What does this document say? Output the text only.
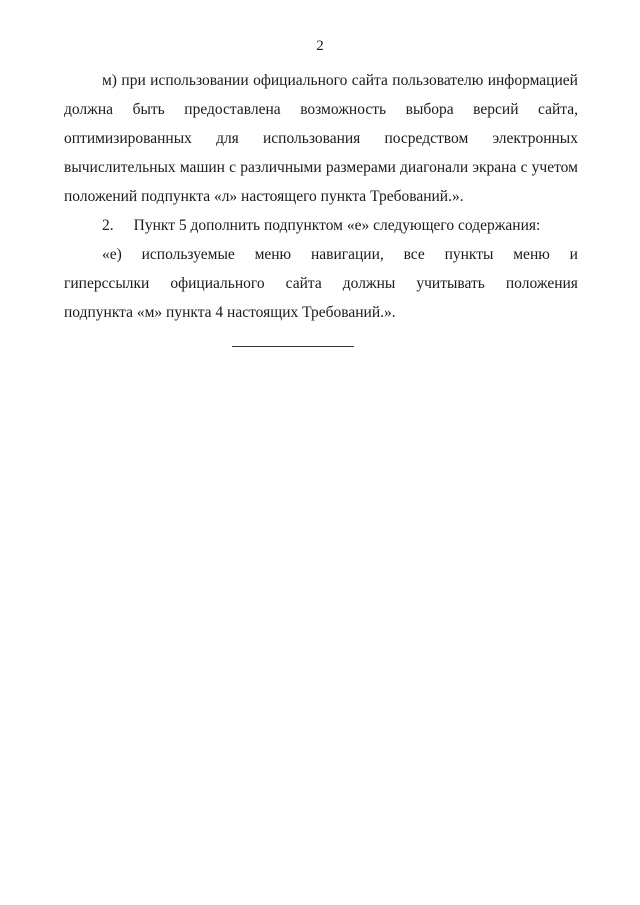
2
м) при использовании официального сайта пользователю информацией
должна быть предоставлена возможность выбора версий сайта,
оптимизированных для использования посредством электронных
вычислительных машин с различными размерами диагонали экрана с учетом
положений подпункта «л» настоящего пункта Требований.».
2. Пункт 5 дополнить подпунктом «е» следующего содержания:
«е) используемые меню навигации, все пункты меню и
гиперссылки официального сайта должны учитывать положения
подпункта «м» пункта 4 настоящих Требований.».
